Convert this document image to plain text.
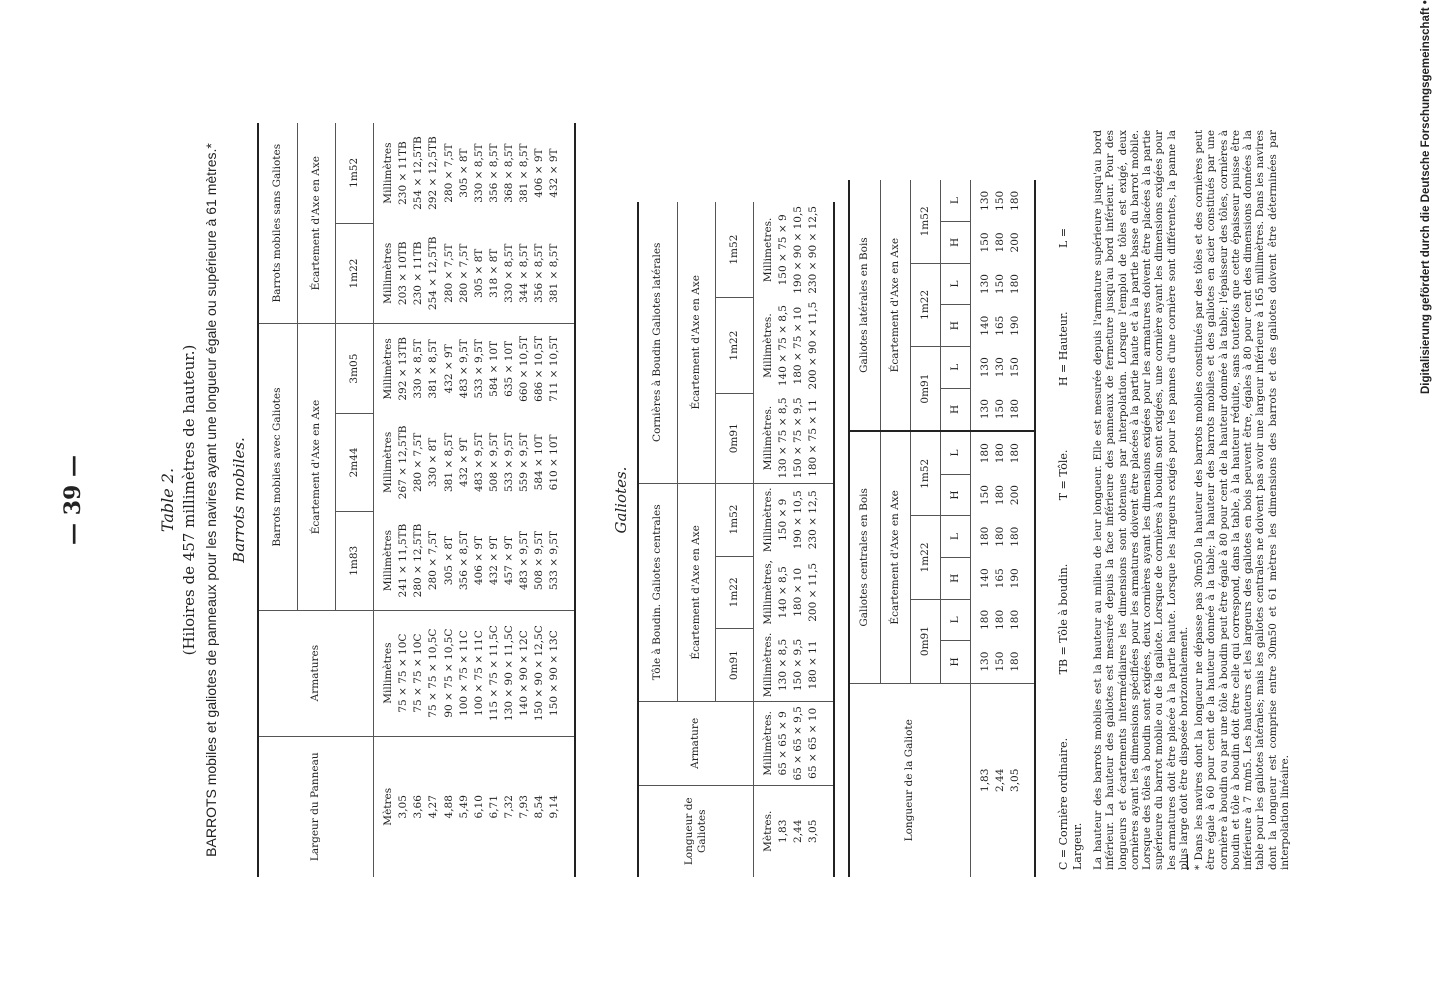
— 39 —	Table 2. (Hiloires de 457 millimètres de hauteur.) BARROTS mobiles et galiotes de panneaux pour les navires ayant une longueur égale ou supérieure à 61 mètres.* Barrots mobiles.
Largeur du Panneau	Armatures	Barrots mobiles avec Galiotes			Barrots mobiles sans Galiotes	
		Écartement d'Axe en Axe			Écartement d'Axe en Axe	
		1m83	2m44	3m05	1m22	1m52
Mètres	Millimètres	Millimètres	Millimètres	Millimètres	Millimètres	Millimètres
3,05	75 × 75 × 10C	241 × 11,5TB	267 × 12,5TB	292 × 13TB	203 × 10TB	230 × 11TB
3,66	75 × 75 × 10C	280 × 12,5TB	280 × 7,5T	330 × 8,5T	230 × 11TB	254 × 12,5TB
4,27	75 × 75 × 10,5C	280 × 7,5T	330 × 8T	381 × 8,5T	254 × 12,5TB	292 × 12,5TB
4,88	90 × 75 × 10,5C	305 × 8T	381 × 8,5T	432 × 9T	280 × 7,5T	280 × 7,5T
5,49	100 × 75 × 11C	356 × 8,5T	432 × 9T	483 × 9,5T	280 × 7,5T	305 × 8T
6,10	100 × 75 × 11C	406 × 9T	483 × 9,5T	533 × 9,5T	305 × 8T	330 × 8,5T
6,71	115 × 75 × 11,5C	432 × 9T	508 × 9,5T	584 × 10T	318 × 8T	356 × 8,5T
7,32	130 × 90 × 11,5C	457 × 9T	533 × 9,5T	635 × 10T	330 × 8,5T	368 × 8,5T
7,93	140 × 90 × 12C	483 × 9,5T	559 × 9,5T	660 × 10,5T	344 × 8,5T	381 × 8,5T
8,54	150 × 90 × 12,5C	508 × 9,5T	584 × 10T	686 × 10,5T	356 × 8,5T	406 × 9T
9,14	150 × 90 × 13C	533 × 9,5T	610 × 10T	711 × 10,5T	381 × 8,5T	432 × 9T
Galiotes.
Longueur de Galiotes	Armature	Tôle à Boudin. Galiotes centrales			Cornières à Boudin Galiotes latérales		
		Écartement d'Axe en Axe			Écartement d'Axe en Axe		
		0m91	1m22	1m52	0m91	1m22	1m52
Mètres.	Millimètres.	Millimètres.	Millimètres,	Millimètres.	Millimètres.	Millimètres.	Millimetres.
1,83	65 × 65 × 9	130 × 8,5	140 × 8,5	150 × 9	130 × 75 × 8,5	140 × 75 × 8,5	150 × 75 × 9
2,44	65 × 65 × 9,5	150 × 9,5	180 × 10	190 × 10,5	150 × 75 × 9,5	180 × 75 × 10	190 × 90 × 10,5
3,05	65 × 65 × 10	180 × 11	200 × 11,5	230 × 12,5	180 × 75 × 11	200 × 90 × 11,5	230 × 90 × 12,5
Longueur de la Galiote	Galiotes centrales en Bois						Galiotes latérales en Bois					
	Écartement d'Axe en Axe						Écartement d'Axe en Axe					
	0m91		1m22		1m52		0m91		1m22		1m52	
	H	L	H	L	H	L	H	L	H	L	H	L
1,83	130	180	140	180	150	180	130	130	140	130	150	130
2,44	150	180	165	180	180	180	150	130	165	150	180	150
3,05	180	180	190	180	200	180	180	150	190	180	200	180
C = Cornière ordinaire. TB = Tôle à boudin. T = Tôle. H = Hauteur. L = Largeur. La hauteur des barrots mobiles est la hauteur au milieu de leur longueur. Elle est mesurée depuis l'armature supérieure jusqu'au bord inférieur. La hauteur des galiotes est mesurée depuis la face inférieure des panneaux de fermeture jusqu'au bord inférieur. Pour des longueurs et écartements intermédiaires les dimensions sont obtenues par interpolation. Lorsque l'emploi de tôles est exigé, deux cornières ayant les dimensions spécifiées pour les armatures doivent être placées à la partie haute et à la partie basse du barrot mobile. Lorsque des tôles à boudin sont exigées, deux cornières ayant les dimensions exigées pour les armatures doivent être placées à la partie supérieure du barrot mobile ou de la galiote. Lorsque de cornières à boudin sont exigées, une cornière ayant les dimensions exigées pour les armatures doit être placée à la partie haute. Lorsque les largeurs exigés pour les pannes d'une cornière sont différentes, la panne la plus large doit être disposée horizontalement. * Dans les navires dont la longueur ne dépasse pas 30m50 la hauteur des barrots mobiles constitués par des tôles et des cornières peut être égale à 60 pour cent de la hauteur donnée à la table; la hauteur des barrots mobiles et des galiotes en acier constitués par une cornière à boudin ou par une tôle à boudin peut être égale à 80 pour cent de la hauteur donnée à la table; l'épaisseur des tôles, cornières à boudin et tôle à boudin doit être celle qui correspond, dans la table, à la hauteur réduite, sans toutefois que cette épaisseur puisse être inférieure à 7 m/m5. Les hauteurs et les largeurs des galiotes en bois peuvent être, égales à 80 pour cent des dimensions données à la table pour les galiotes latérales; mais les galiotes centrales ne doivent pas avoir une largeur inférieure à 165 millimètres. Dans les navires dont la longueur est comprise entre 30m50 et 61 mètres les dimensions des barrots et des galiotes doivent être déterminées par interpolation linéaire.
Digitalisierung gefördert durch die Deutsche Forschungsgemeinschaft •
